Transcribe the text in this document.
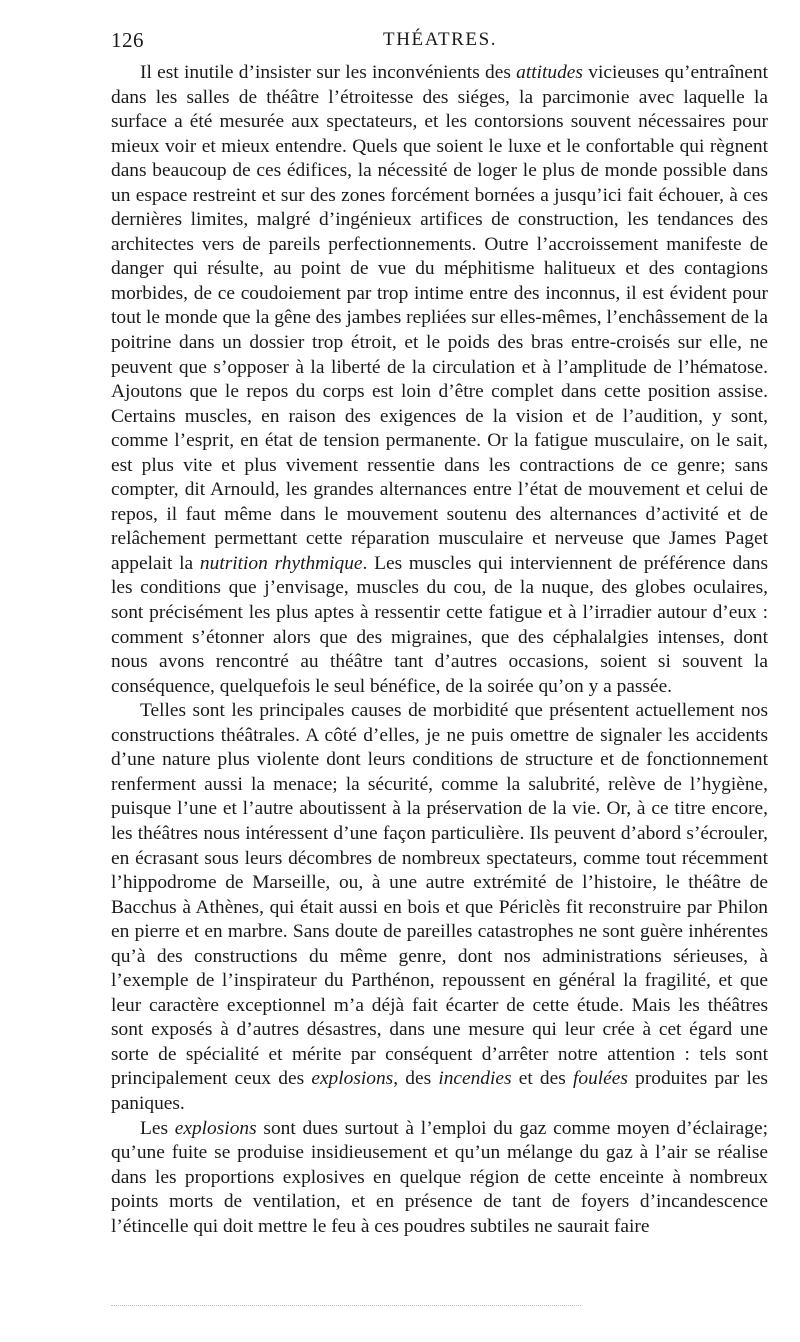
126	THÉATRES.

Il est inutile d’insister sur les inconvénients des attitudes vicieuses qu’entraînent dans les salles de théâtre l’étroitesse des siéges, la parcimonie avec laquelle la surface a été mesurée aux spectateurs, et les contorsions souvent nécessaires pour mieux voir et mieux entendre. Quels que soient le luxe et le confortable qui règnent dans beaucoup de ces édifices, la nécessité de loger le plus de monde possible dans un espace restreint et sur des zones forcément bornées a jusqu’ici fait échouer, à ces dernières limites, malgré d’ingénieux artifices de construction, les tendances des architectes vers de pareils perfectionnements. Outre l’accroissement manifeste de danger qui résulte, au point de vue du méphitisme halituеux et des contagions morbides, de ce coudoiement par trop intime entre des inconnus, il est évident pour tout le monde que la gêne des jambes repliées sur elles-mêmes, l’enchâssement de la poitrine dans un dossier trop étroit, et le poids des bras entre-croisés sur elle, ne peuvent que s’opposer à la liberté de la circulation et à l’amplitude de l’hématose. Ajoutons que le repos du corps est loin d’être complet dans cette position assise. Certains muscles, en raison des exigences de la vision et de l’audition, y sont, comme l’esprit, en état de tension permanente. Or la fatigue musculaire, on le sait, est plus vite et plus vivement ressentie dans les contractions de ce genre; sans compter, dit Arnould, les grandes alternances entre l’état de mouvement et celui de repos, il faut même dans le mouvement soutenu des alternances d’activité et de relâchement permettant cette réparation musculaire et nerveuse que James Paget appelait la nutrition rhythmique. Les muscles qui interviennent de préférence dans les conditions que j’envisage, muscles du cou, de la nuque, des globes oculaires, sont précisément les plus aptes à ressentir cette fatigue et à l’irradier autour d’eux : comment s’étonner alors que des migraines, que des céphalalgies intenses, dont nous avons rencontré au théâtre tant d’autres occasions, soient si souvent la conséquence, quelquefois le seul bénéfice, de la soirée qu’on y a passée.

Telles sont les principales causes de morbidité que présentent actuellement nos constructions théâtrales. A côté d’elles, je ne puis omettre de signaler les accidents d’une nature plus violente dont leurs conditions de structure et de fonctionnement renferment aussi la menace; la sécurité, comme la salubrité, relève de l’hygiène, puisque l’une et l’autre aboutissent à la préservation de la vie. Or, à ce titre encore, les théâtres nous intéressent d’une façon particulière. Ils peuvent d’abord s’écrouler, en écrasant sous leurs décombres de nombreux spectateurs, comme tout récemment l’hippodrome de Marseille, ou, à une autre extrémité de l’histoire, le théâtre de Bacchus à Athènes, qui était aussi en bois et que Périclès fit reconstruire par Philon en pierre et en marbre. Sans doute de pareilles catastrophes ne sont guère inhérentes qu’à des constructions du même genre, dont nos administrations sérieuses, à l’exemple de l’inspirateur du Parthénon, repoussent en général la fragilité, et que leur caractère exceptionnel m’a déjà fait écarter de cette étude. Mais les théâtres sont exposés à d’autres désastres, dans une mesure qui leur crée à cet égard une sorte de spécialité et mérite par conséquent d’arrêter notre attention : tels sont principalement ceux des explosions, des incendies et des foulées produites par les paniques.

Les explosions sont dues surtout à l’emploi du gaz comme moyen d’éclairage; qu’une fuite se produise insidieusement et qu’un mélange du gaz à l’air se réalise dans les proportions explosives en quelque région de cette enceinte à nombreux points morts de ventilation, et en présence de tant de foyers d’incandescence l’étincelle qui doit mettre le feu à ces poudres subtiles ne saurait faire
